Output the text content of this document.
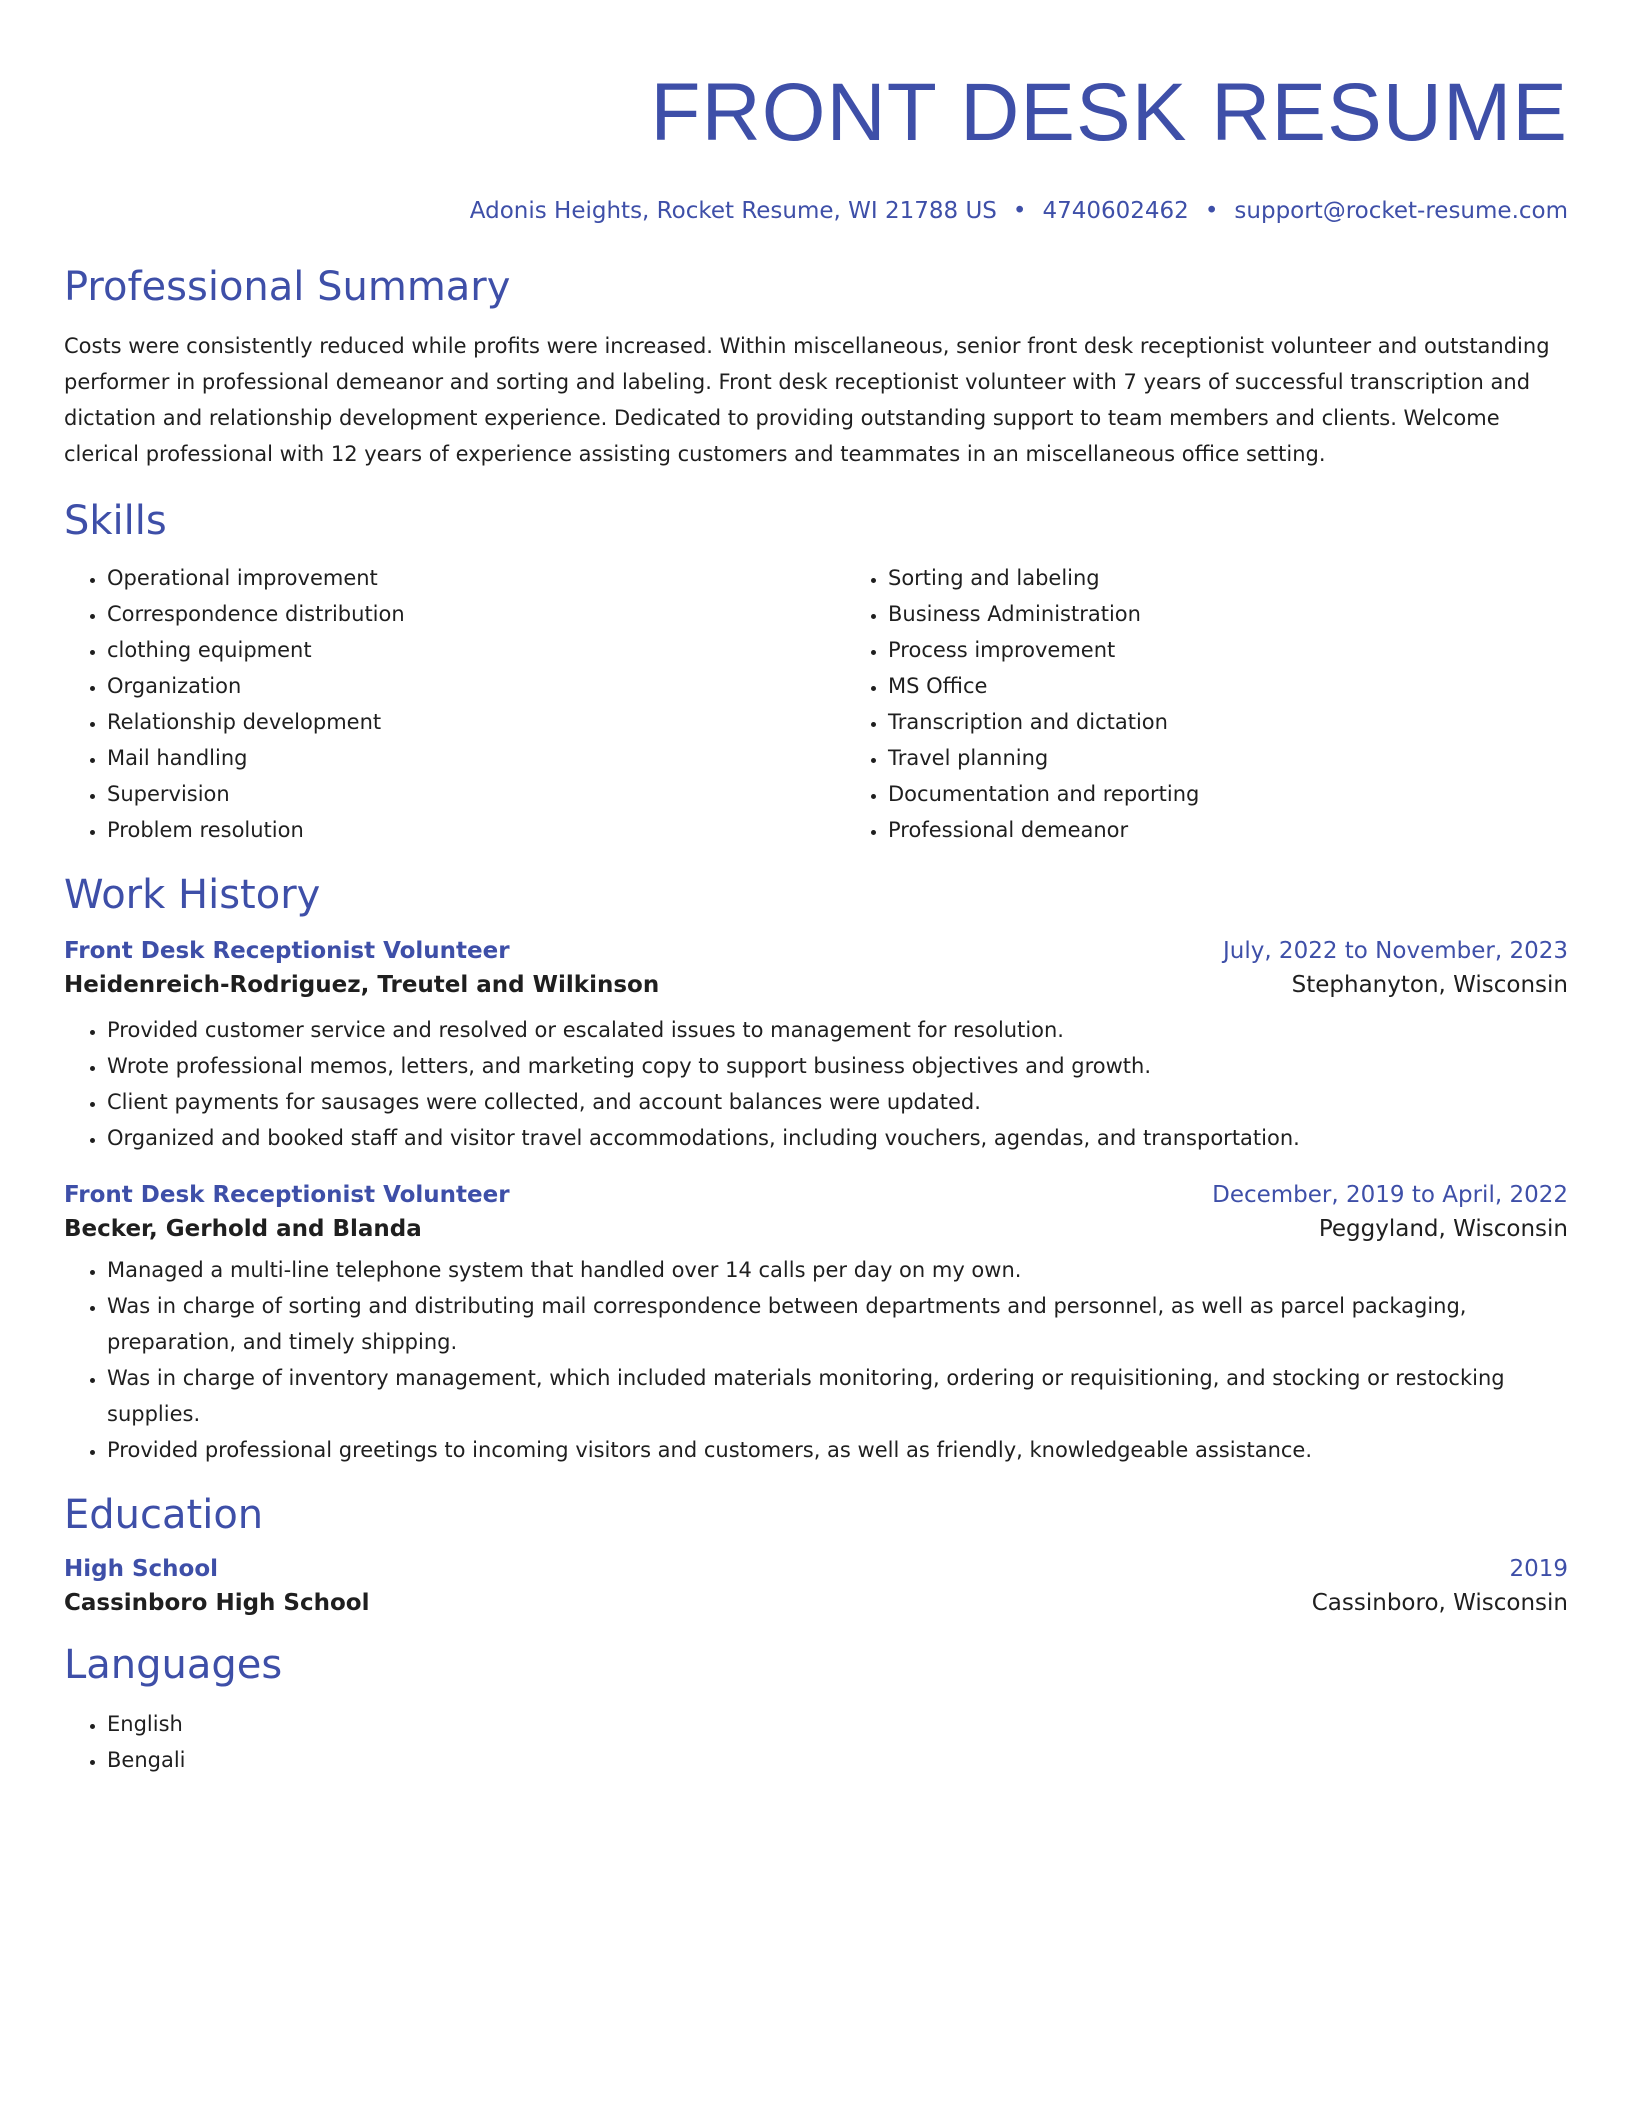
FRONT DESK RESUME
Adonis Heights, Rocket Resume, WI 21788 US • 4740602462 • support@rocket-resume.com
Professional Summary
Costs were consistently reduced while profits were increased. Within miscellaneous, senior front desk receptionist volunteer and outstanding performer in professional demeanor and sorting and labeling. Front desk receptionist volunteer with 7 years of successful transcription and dictation and relationship development experience. Dedicated to providing outstanding support to team members and clients. Welcome clerical professional with 12 years of experience assisting customers and teammates in an miscellaneous office setting.
Skills
• Operational improvement
• Correspondence distribution
• clothing equipment
• Organization
• Relationship development
• Mail handling
• Supervision
• Problem resolution
• Sorting and labeling
• Business Administration
• Process improvement
• MS Office
• Transcription and dictation
• Travel planning
• Documentation and reporting
• Professional demeanor
Work History
Front Desk Receptionist Volunteer	July, 2022 to November, 2023
Heidenreich-Rodriguez, Treutel and Wilkinson	Stephanyton, Wisconsin
• Provided customer service and resolved or escalated issues to management for resolution.
• Wrote professional memos, letters, and marketing copy to support business objectives and growth.
• Client payments for sausages were collected, and account balances were updated.
• Organized and booked staff and visitor travel accommodations, including vouchers, agendas, and transportation.
Front Desk Receptionist Volunteer	December, 2019 to April, 2022
Becker, Gerhold and Blanda	Peggyland, Wisconsin
• Managed a multi-line telephone system that handled over 14 calls per day on my own.
• Was in charge of sorting and distributing mail correspondence between departments and personnel, as well as parcel packaging, preparation, and timely shipping.
• Was in charge of inventory management, which included materials monitoring, ordering or requisitioning, and stocking or restocking supplies.
• Provided professional greetings to incoming visitors and customers, as well as friendly, knowledgeable assistance.
Education
High School	2019
Cassinboro High School	Cassinboro, Wisconsin
Languages
• English
• Bengali
